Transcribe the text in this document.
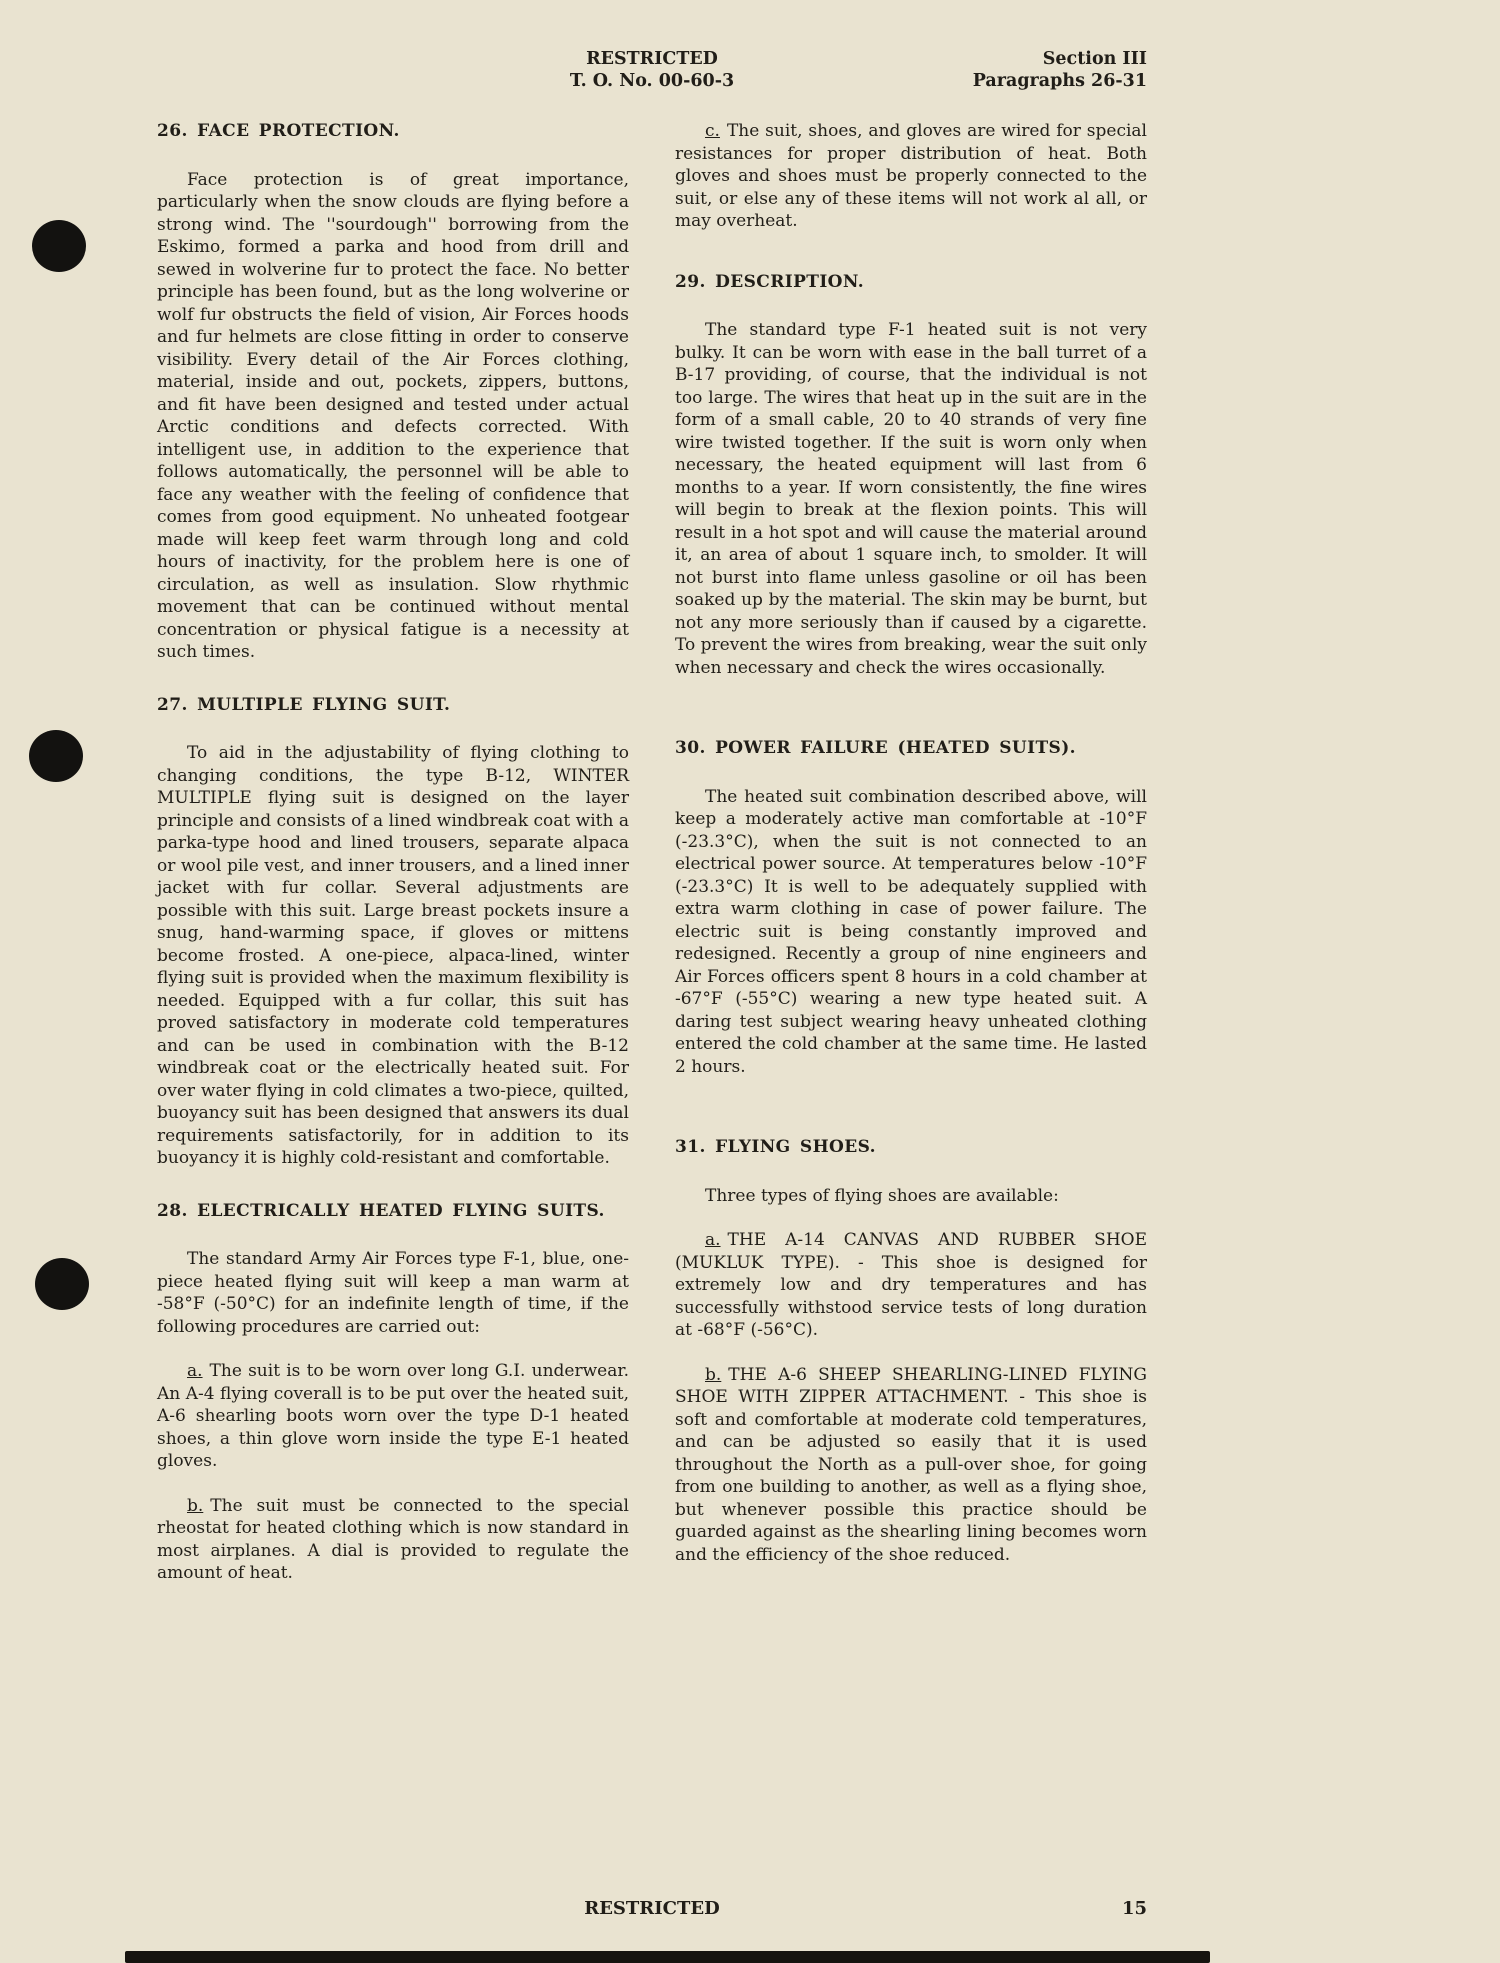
RESTRICTED
T. O. No. 00-60-3
Section III
Paragraphs 26-31
26. FACE PROTECTION.

Face protection is of great importance, particularly when the snow clouds are flying before a strong wind. The ''sourdough'' borrowing from the Eskimo, formed a parka and hood from drill and sewed in wolverine fur to protect the face. No better principle has been found, but as the long wolverine or wolf fur obstructs the field of vision, Air Forces hoods and fur helmets are close fitting in order to conserve visibility. Every detail of the Air Forces clothing, material, inside and out, pockets, zippers, buttons, and fit have been designed and tested under actual Arctic conditions and defects corrected. With intelligent use, in addition to the experience that follows automatically, the personnel will be able to face any weather with the feeling of confidence that comes from good equipment. No unheated footgear made will keep feet warm through long and cold hours of inactivity, for the problem here is one of circulation, as well as insulation. Slow rhythmic movement that can be continued without mental concentration or physical fatigue is a necessity at such times.

27. MULTIPLE FLYING SUIT.

To aid in the adjustability of flying clothing to changing conditions, the type B-12, WINTER MULTIPLE flying suit is designed on the layer principle and consists of a lined windbreak coat with a parka-type hood and lined trousers, separate alpaca or wool pile vest, and inner trousers, and a lined inner jacket with fur collar. Several adjustments are possible with this suit. Large breast pockets insure a snug, hand-warming space, if gloves or mittens become frosted. A one-piece, alpaca-lined, winter flying suit is provided when the maximum flexibility is needed. Equipped with a fur collar, this suit has proved satisfactory in moderate cold temperatures and can be used in combination with the B-12 windbreak coat or the electrically heated suit. For over water flying in cold climates a two-piece, quilted, buoyancy suit has been designed that answers its dual requirements satisfactorily, for in addition to its buoyancy it is highly cold-resistant and comfortable.

28. ELECTRICALLY HEATED FLYING SUITS.

The standard Army Air Forces type F-1, blue, one-piece heated flying suit will keep a man warm at -58°F (-50°C) for an indefinite length of time, if the following procedures are carried out:

a. The suit is to be worn over long G.I. underwear. An A-4 flying coverall is to be put over the heated suit, A-6 shearling boots worn over the type D-1 heated shoes, a thin glove worn inside the type E-1 heated gloves.

b. The suit must be connected to the special rheostat for heated clothing which is now standard in most airplanes. A dial is provided to regulate the amount of heat.

c. The suit, shoes, and gloves are wired for special resistances for proper distribution of heat. Both gloves and shoes must be properly connected to the suit, or else any of these items will not work al all, or may overheat.

29. DESCRIPTION.

The standard type F-1 heated suit is not very bulky. It can be worn with ease in the ball turret of a B-17 providing, of course, that the individual is not too large. The wires that heat up in the suit are in the form of a small cable, 20 to 40 strands of very fine wire twisted together. If the suit is worn only when necessary, the heated equipment will last from 6 months to a year. If worn consistently, the fine wires will begin to break at the flexion points. This will result in a hot spot and will cause the material around it, an area of about 1 square inch, to smolder. It will not burst into flame unless gasoline or oil has been soaked up by the material. The skin may be burnt, but not any more seriously than if caused by a cigarette. To prevent the wires from breaking, wear the suit only when necessary and check the wires occasionally.

30. POWER FAILURE (HEATED SUITS).

The heated suit combination described above, will keep a moderately active man comfortable at -10°F (-23.3°C), when the suit is not connected to an electrical power source. At temperatures below -10°F (-23.3°C) It is well to be adequately supplied with extra warm clothing in case of power failure. The electric suit is being constantly improved and redesigned. Recently a group of nine engineers and Air Forces officers spent 8 hours in a cold chamber at -67°F (-55°C) wearing a new type heated suit. A daring test subject wearing heavy unheated clothing entered the cold chamber at the same time. He lasted 2 hours.

31. FLYING SHOES.

Three types of flying shoes are available:

a. THE A-14 CANVAS AND RUBBER SHOE (MUKLUK TYPE). - This shoe is designed for extremely low and dry temperatures and has successfully withstood service tests of long duration at -68°F (-56°C).

b. THE A-6 SHEEP SHEARLING-LINED FLYING SHOE WITH ZIPPER ATTACHMENT. - This shoe is soft and comfortable at moderate cold temperatures, and can be adjusted so easily that it is used throughout the North as a pull-over shoe, for going from one building to another, as well as a flying shoe, but whenever possible this practice should be guarded against as the shearling lining becomes worn and the efficiency of the shoe reduced.

RESTRICTED	15
